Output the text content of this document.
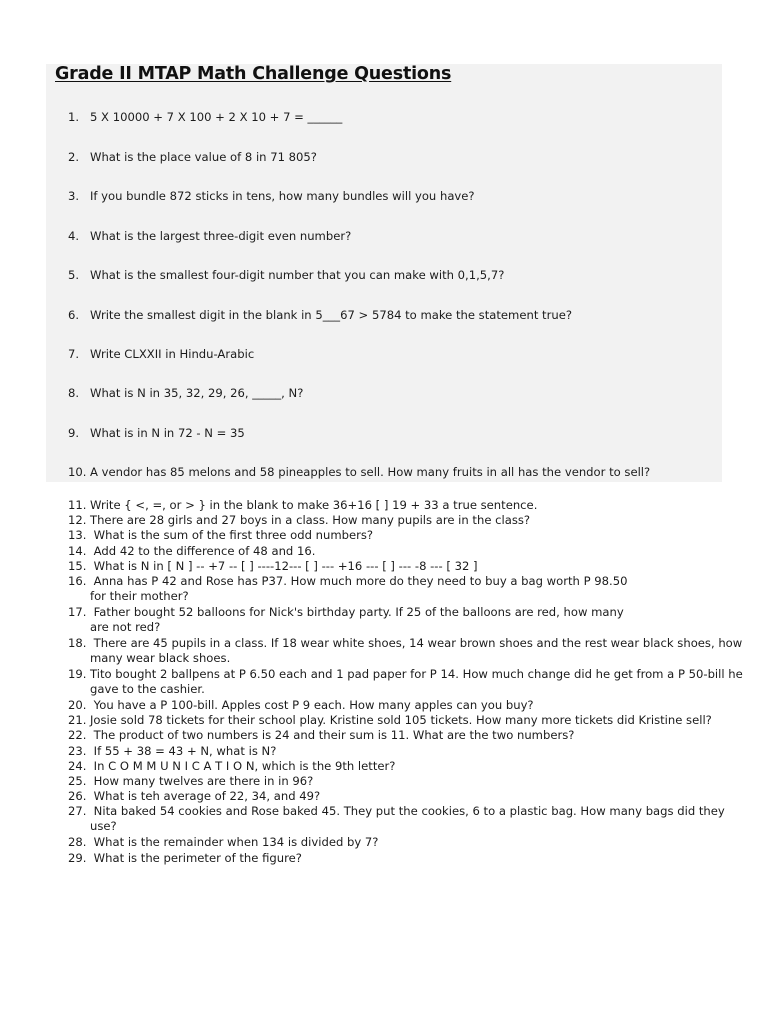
Grade II MTAP Math Challenge Questions
1. 5 X 10000 + 7 X 100 + 2 X 10 + 7 = ______
2. What is the place value of 8 in 71 805?
3. If you bundle 872 sticks in tens, how many bundles will you have?
4. What is the largest three-digit even number?
5. What is the smallest four-digit number that you can make with 0,1,5,7?
6. Write the smallest digit in the blank in 5___67 > 5784 to make the statement true?
7. Write CLXXII in Hindu-Arabic
8. What is N in 35, 32, 29, 26, _____, N?
9. What is in N in 72 - N = 35
10. A vendor has 85 melons and 58 pineapples to sell. How many fruits in all has the vendor to sell?
11. Write { <, =, or > } in the blank to make 36+16 [ ] 19 + 33 a true sentence.
12. There are 28 girls and 27 boys in a class. How many pupils are in the class?
13. What is the sum of the first three odd numbers?
14. Add 42 to the difference of 48 and 16.
15. What is N in [ N ] -- +7 -- [ ] ----12--- [ ] --- +16 --- [ ] --- -8 --- [ 32 ]
16. Anna has P 42 and Rose has P37. How much more do they need to buy a bag worth P 98.50
for their mother?
17. Father bought 52 balloons for Nick's birthday party. If 25 of the balloons are red, how many
are not red?
18. There are 45 pupils in a class. If 18 wear white shoes, 14 wear brown shoes and the rest wear black shoes, how
many wear black shoes.
19. Tito bought 2 ballpens at P 6.50 each and 1 pad paper for P 14. How much change did he get from a P 50-bill he
gave to the cashier.
20. You have a P 100-bill. Apples cost P 9 each. How many apples can you buy?
21. Josie sold 78 tickets for their school play. Kristine sold 105 tickets. How many more tickets did Kristine sell?
22. The product of two numbers is 24 and their sum is 11. What are the two numbers?
23. If 55 + 38 = 43 + N, what is N?
24. In C O M M U N I C A T I O N, which is the 9th letter?
25. How many twelves are there in in 96?
26. What is teh average of 22, 34, and 49?
27. Nita baked 54 cookies and Rose baked 45. They put the cookies, 6 to a plastic bag. How many bags did they
use?
28. What is the remainder when 134 is divided by 7?
29. What is the perimeter of the figure?
